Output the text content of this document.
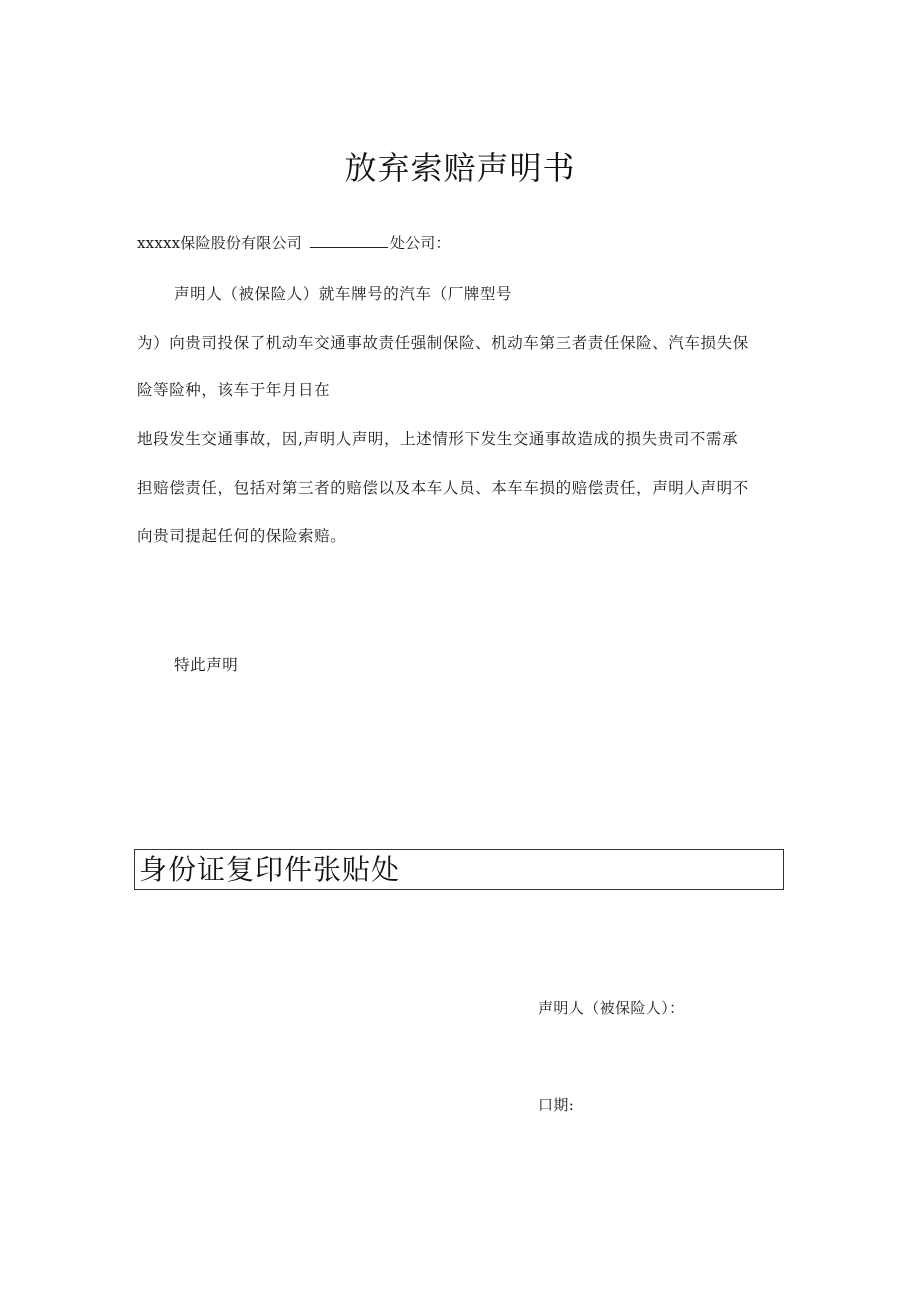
放弃索赔声明书
xxxxx保险股份有限公司	处公司：
声明人（被保险人）就车牌号的汽车（厂牌型号
为）向贵司投保了机动车交通事故责任强制保险、机动车第三者责任保险、汽车损失保
险等险种，该车于年月日在
地段发生交通事故，因,声明人声明，上述情形下发生交通事故造成的损失贵司不需承
担赔偿责任，包括对第三者的赔偿以及本车人员、本车车损的赔偿责任，声明人声明不
向贵司提起任何的保险索赔。
特此声明
身份证复印件张贴处
声明人（被保险人）：
口期:
